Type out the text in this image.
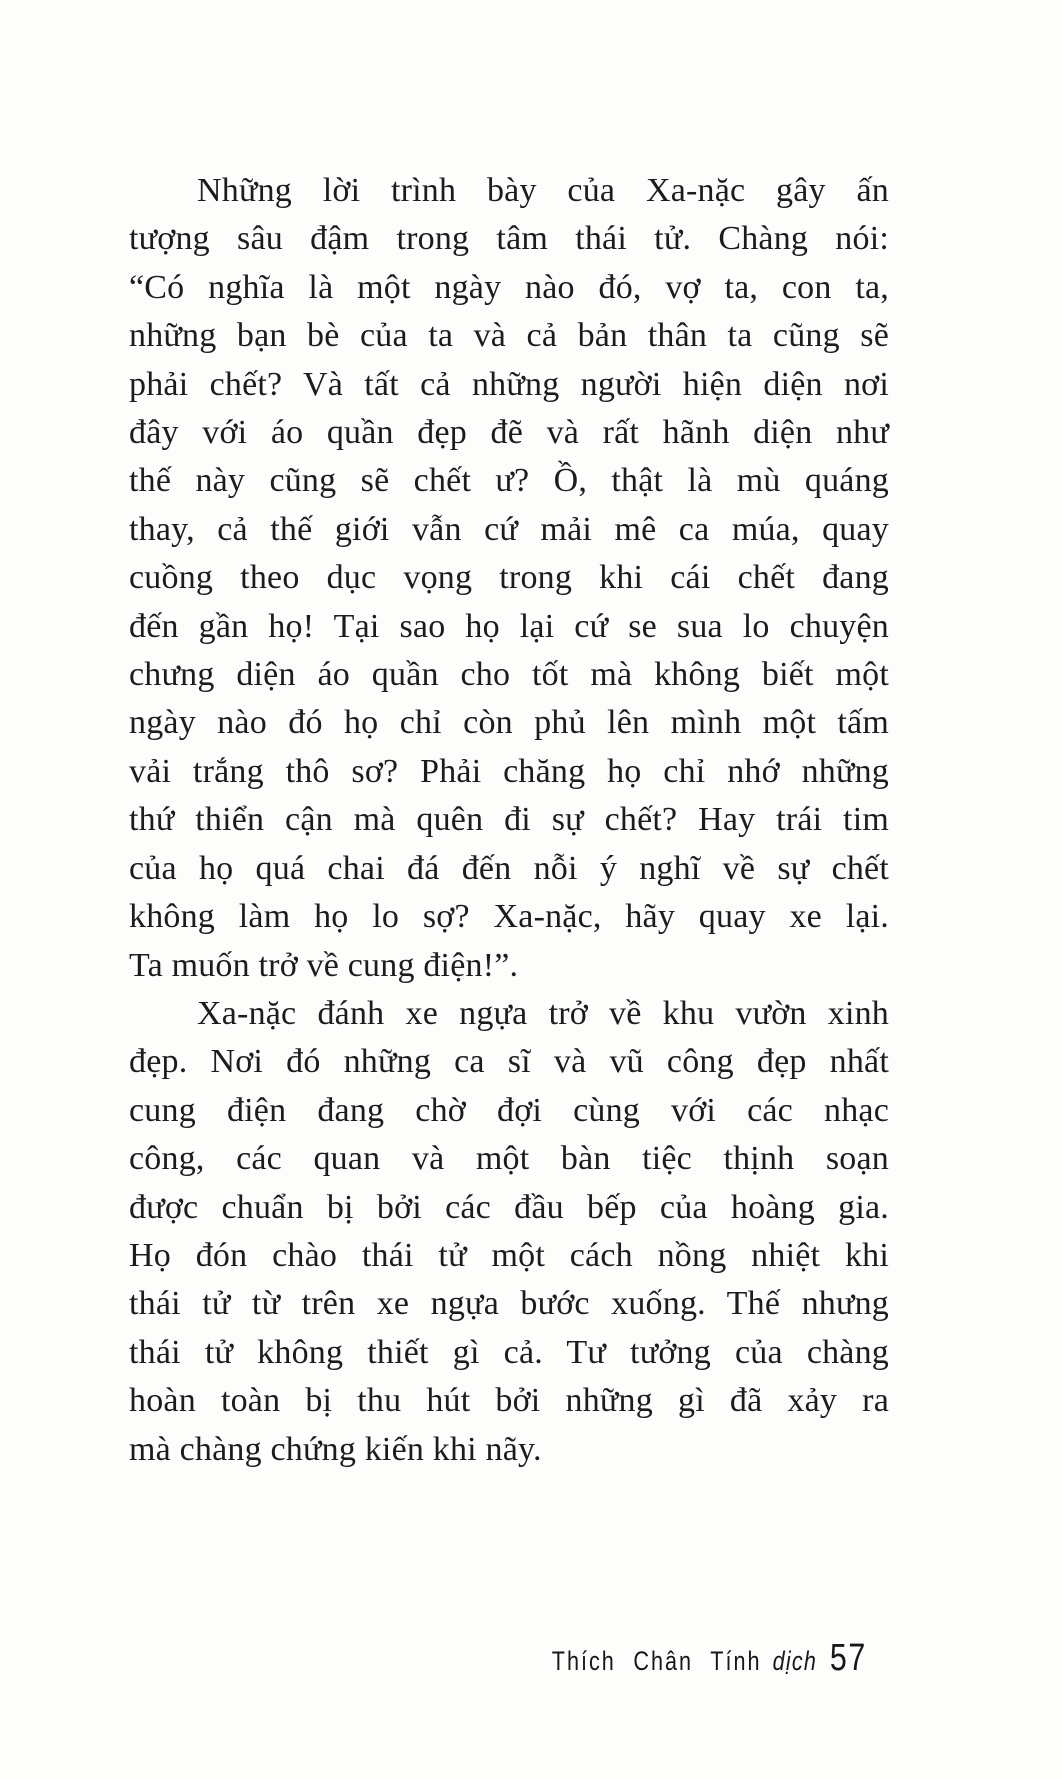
Những lời trình bày của Xa-nặc gây ấn
tượng sâu đậm trong tâm thái tử. Chàng nói:
“Có nghĩa là một ngày nào đó, vợ ta, con ta,
những bạn bè của ta và cả bản thân ta cũng sẽ
phải chết? Và tất cả những người hiện diện nơi
đây với áo quần đẹp đẽ và rất hãnh diện như
thế này cũng sẽ chết ư? Ồ, thật là mù quáng
thay, cả thế giới vẫn cứ mải mê ca múa, quay
cuồng theo dục vọng trong khi cái chết đang
đến gần họ! Tại sao họ lại cứ se sua lo chuyện
chưng diện áo quần cho tốt mà không biết một
ngày nào đó họ chỉ còn phủ lên mình một tấm
vải trắng thô sơ? Phải chăng họ chỉ nhớ những
thứ thiển cận mà quên đi sự chết? Hay trái tim
của họ quá chai đá đến nỗi ý nghĩ về sự chết
không làm họ lo sợ? Xa-nặc, hãy quay xe lại.
Ta muốn trở về cung điện!”.
Xa-nặc đánh xe ngựa trở về khu vườn xinh
đẹp. Nơi đó những ca sĩ và vũ công đẹp nhất
cung điện đang chờ đợi cùng với các nhạc
công, các quan và một bàn tiệc thịnh soạn
được chuẩn bị bởi các đầu bếp của hoàng gia.
Họ đón chào thái tử một cách nồng nhiệt khi
thái tử từ trên xe ngựa bước xuống. Thế nhưng
thái tử không thiết gì cả. Tư tưởng của chàng
hoàn toàn bị thu hút bởi những gì đã xảy ra
mà chàng chứng kiến khi nãy.
Thích Chân Tính dịch 57
